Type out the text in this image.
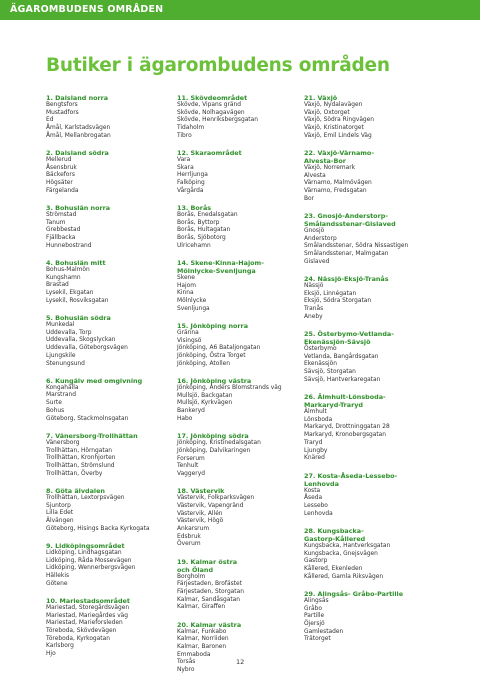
ÄGAROMBUDENS OMRÅDEN
Butiker i ägarombudens områden
1. Dalsland norra
Bengtsfors
Mustadfors
Ed
Åmål, Karlstadsvägen
Åmål, Mellanbrogatan
2. Dalsland södra
Mellerud
Åsensbruk
Bäckefors
Högsäter
Färgelanda
3. Bohuslän norra
Strömstad
Tanum
Grebbestad
Fjällbacka
Hunnebostrand
4. Bohuslän mitt
Bohus-Malmön
Kungshamn
Brastad
Lysekil, Ekgatan
Lysekil, Rosviksgatan
5. Bohuslän södra
Munkedal
Uddevalla, Torp
Uddevalla, Skogslyckan
Uddevalla, Göteborgsvägen
Ljungskile
Stenungsund
6. Kungälv med omgivning
Kongahälla
Marstrand
Surte
Bohus
Göteborg, Stackmolnsgatan
7. Vänersborg-Trollhättan
Vänersborg
Trollhättan, Hörngatan
Trollhättan, Kronhjorten
Trollhättan, Strömslund
Trollhättan, Överby
8. Göta älvdalen
Trollhättan, Lextorpsvägen
Sjuntorp
Lilla Edet
Älvängen
Göteborg, Hisings Backa Kyrkogata
9. Lidköpingsområdet
Lidköping, Lindhagsgatan
Lidköping, Råda Mossevägen
Lidköping, Wennerbergsvägen
Hällekis
Götene
10. Mariestadsområdet
Mariestad, Storegårdsvägen
Mariestad, Mariegårdes väg
Mariestad, Marieforsleden
Töreboda, Skövdevägen
Töreboda, Kyrkogatan
Karlsborg
Hjo
11. Skövdeområdet
Skövde, Vipans gränd
Skövde, Nolhagavägen
Skövde, Henriksbergsgatan
Tidaholm
Tibro
12. Skaraområdet
Vara
Skara
Herrljunga
Falköping
Vårgårda
13. Borås
Borås, Enedalsgatan
Borås, Byttorp
Borås, Hultagatan
Borås, Sjöbotorg
Ulricehamn
14. Skene-Kinna-Hajom-
Mölnlycke-Svenljunga
Skene
Hajom
Kinna
Mölnlycke
Svenljunga
15. Jönköping norra
Gränna
Visingsö
Jönköping, A6 Bataljongatan
Jönköping, Östra Torget
Jönköping, Atollen
16. Jönköping västra
Jönköping, Anders Blomstrands väg
Mullsjö, Backgatan
Mullsjö, Kyrkvägen
Bankeryd
Habo
17. Jönköping södra
Jönköping, Kristinedalsgatan
Jönköping, Dalvikaringen
Forserum
Tenhult
Vaggeryd
18. Västervik
Västervik, Folkparksvägen
Västervik, Vapengränd
Västervik, Allén
Västervik, Högö
Ankarsrum
Edsbruk
Överum
19. Kalmar östra
och Öland
Borgholm
Färjestaden, Brofästet
Färjestaden, Storgatan
Kalmar, Sandåsgatan
Kalmar, Giraffen
20. Kalmar västra
Kalmar, Funkabo
Kalmar, Norriiden
Kalmar, Baronen
Emmaboda
Torsås
Nybro
21. Växjö
Växjö, Nydalavägen
Växjö, Oxtorget
Växjö, Södra Ringvägen
Växjö, Kristinatorget
Växjö, Emil Lindels Väg
22. Växjö-Värnamo-
Alvesta-Bor
Växjö, Norremark
Alvesta
Värnamo, Malmövägen
Värnamo, Fredsgatan
Bor
23. Gnosjö-Anderstorp-
Smålandsstenar-Gislaved
Gnosjö
Anderstorp
Smålandsstenar, Södra Nissastigen
Smålandsstenar, Malmgatan
Gislaved
24. Nässjö-Eksjö-Tranås
Nässjö
Eksjö, Linnégatan
Eksjö, Södra Storgatan
Tranås
Aneby
25. Österbymo-Vetlanda-
Ekenässjön-Sävsjö
Österbymo
Vetlanda, Bangårdsgatan
Ekenässjön
Sävsjö, Storgatan
Sävsjö, Hantverkaregatan
26. Älmhult-Lönsboda-
Markaryd-Traryd
Älmhult
Lönsboda
Markaryd, Drottninggatan 28
Markaryd, Kronobergsgatan
Traryd
Ljungby
Knäred
27. Kosta-Åseda-Lessebo-
Lenhovda
Kosta
Åseda
Lessebo
Lenhovda
28. Kungsbacka-
Gastorp-Kållered
Kungsbacka, Hantverksgatan
Kungsbacka, Gnejsvägen
Gastorp
Kållered, Ekenleden
Kållered, Gamla Riksvägen
29. Alingsås- Gråbo-Partille
Alingsås
Gråbo
Partille
Öjersjö
Gamlestaden
Trätorget
12
